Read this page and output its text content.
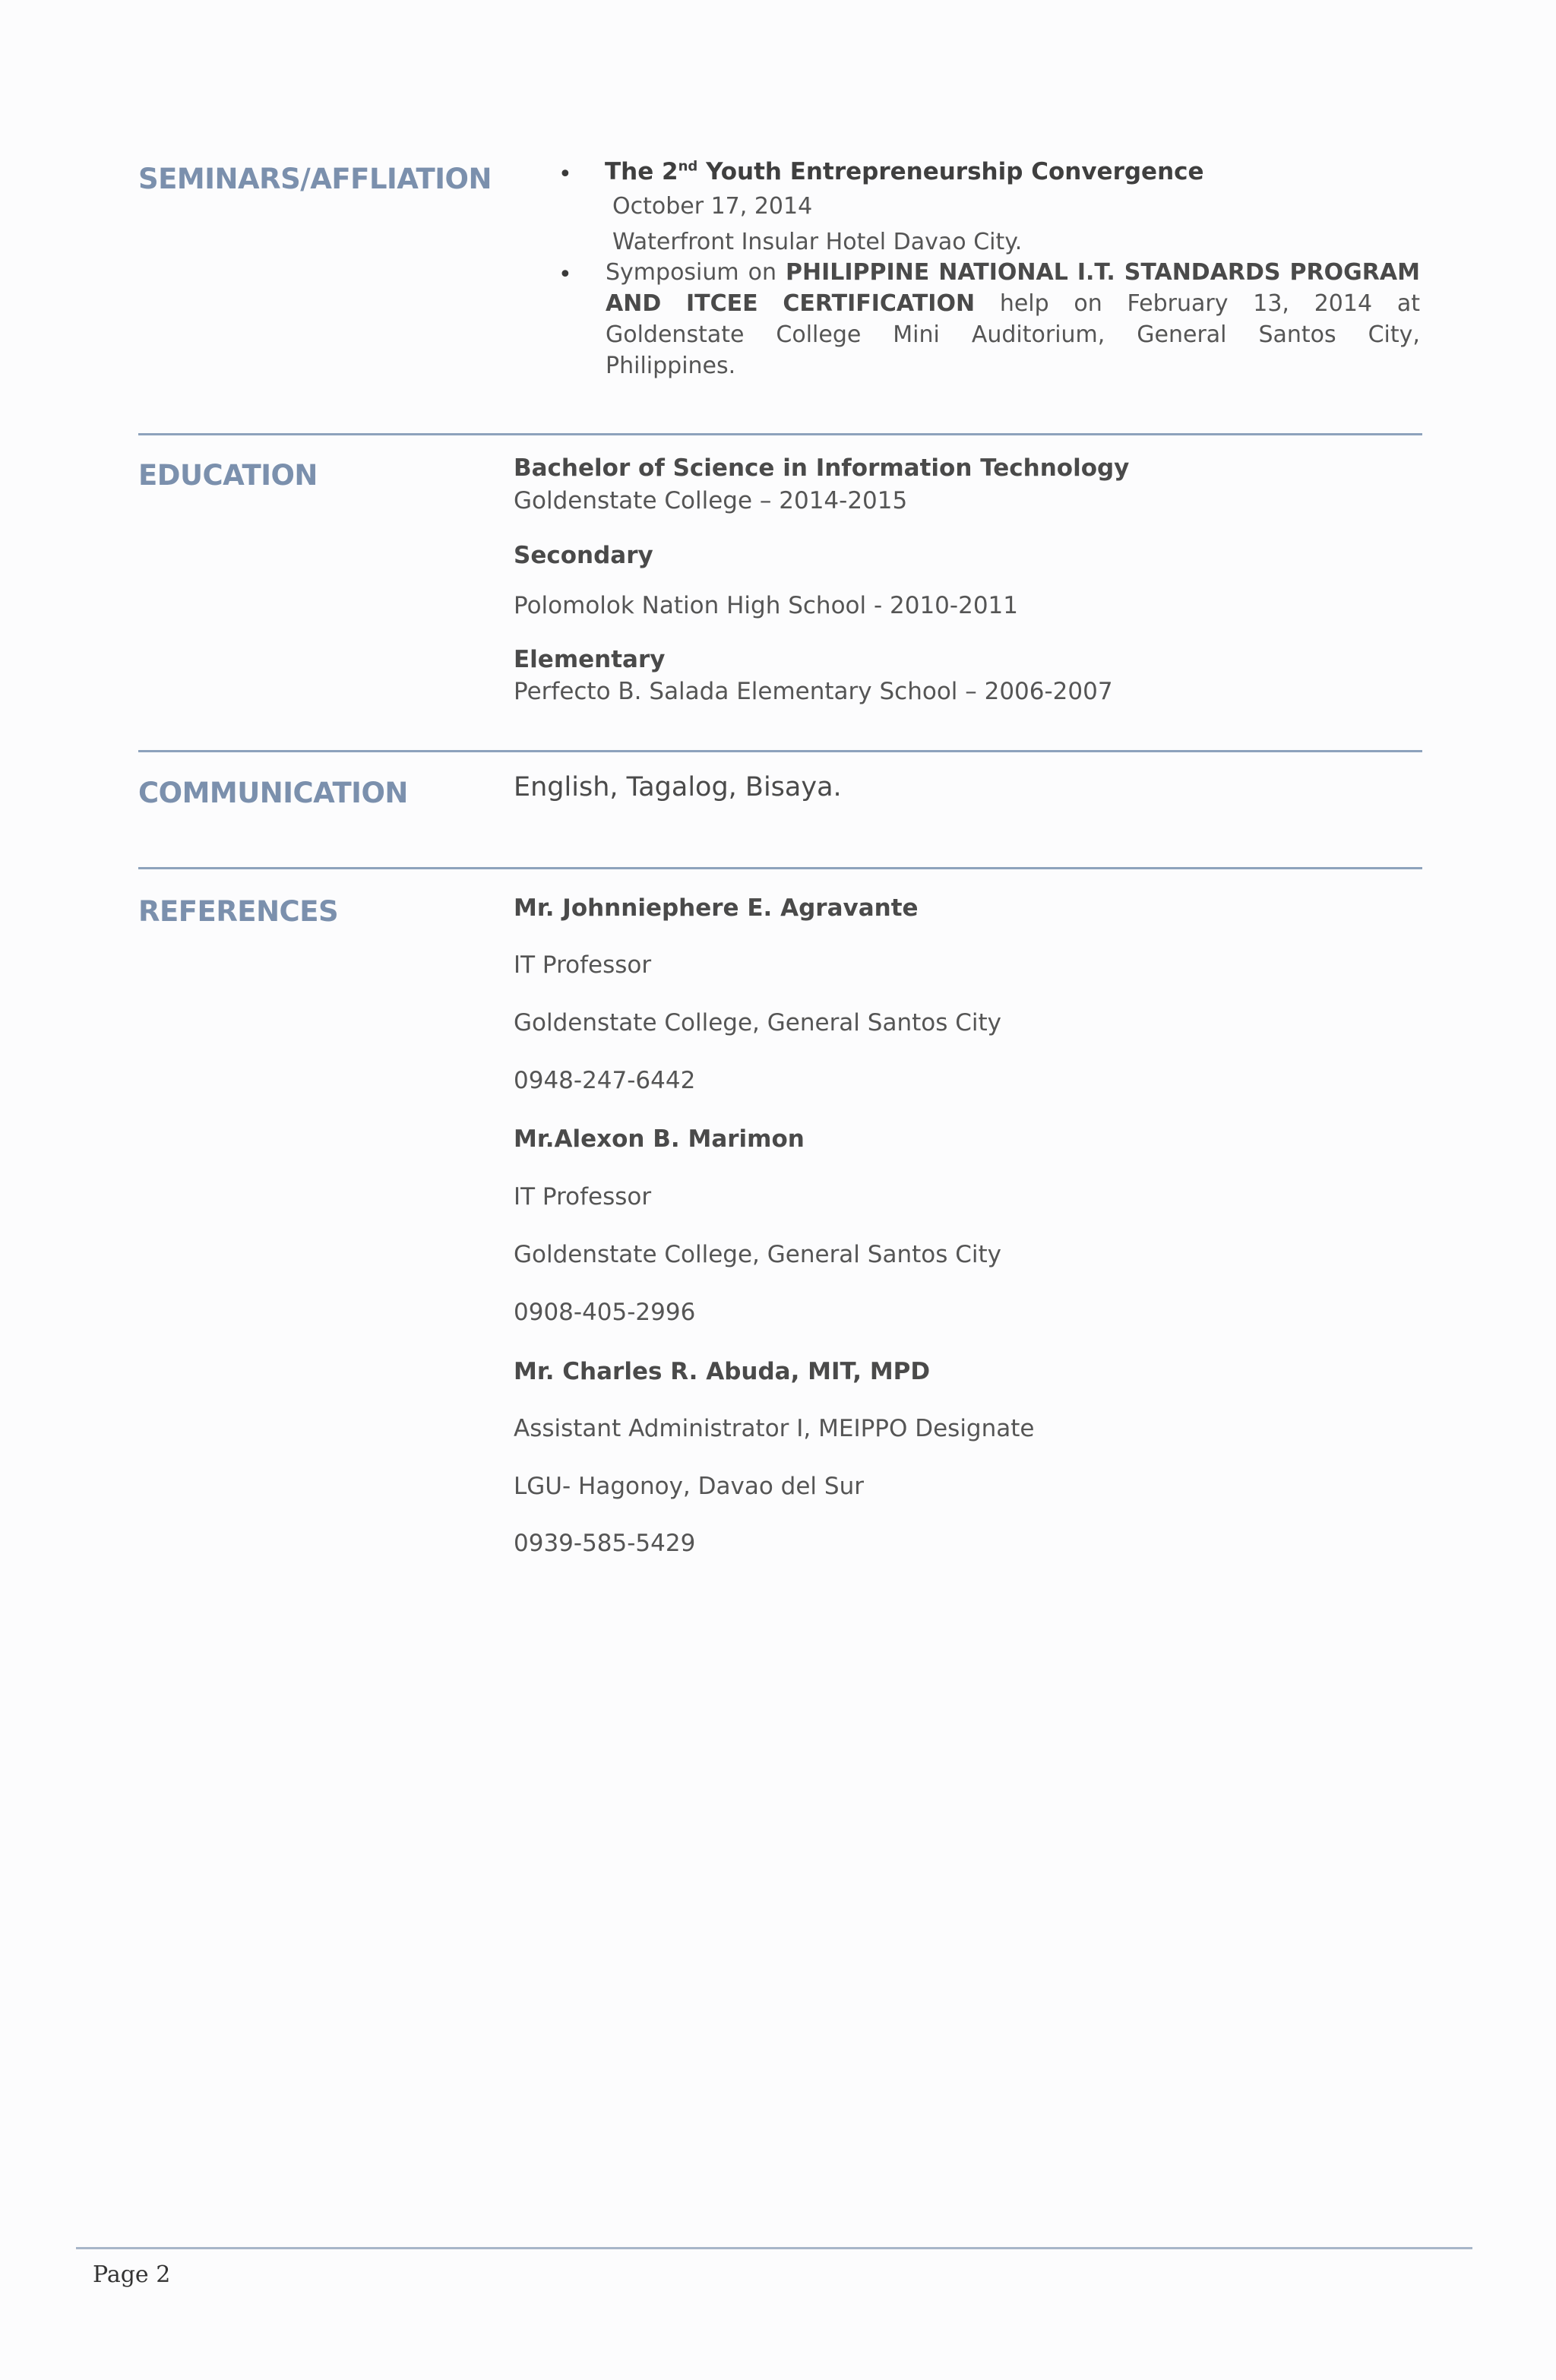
SEMINARS/AFFLIATION	• The 2nd Youth Entrepreneurship Convergence
October 17, 2014
Waterfront Insular Hotel Davao City.
• Symposium on PHILIPPINE NATIONAL I.T. STANDARDS PROGRAM
AND ITCEE CERTIFICATION help on February 13, 2014 at
Goldenstate College Mini Auditorium, General Santos City,
Philippines.
EDUCATION	Bachelor of Science in Information Technology
Goldenstate College – 2014-2015
Secondary
Polomolok Nation High School - 2010-2011
Elementary
Perfecto B. Salada Elementary School – 2006-2007
COMMUNICATION	English, Tagalog, Bisaya.
REFERENCES	Mr. Johnniephere E. Agravante
IT Professor
Goldenstate College, General Santos City
0948-247-6442
Mr.Alexon B. Marimon
IT Professor
Goldenstate College, General Santos City
0908-405-2996
Mr. Charles R. Abuda, MIT, MPD
Assistant Administrator I, MEIPPO Designate
LGU- Hagonoy, Davao del Sur
0939-585-5429
Page 2
